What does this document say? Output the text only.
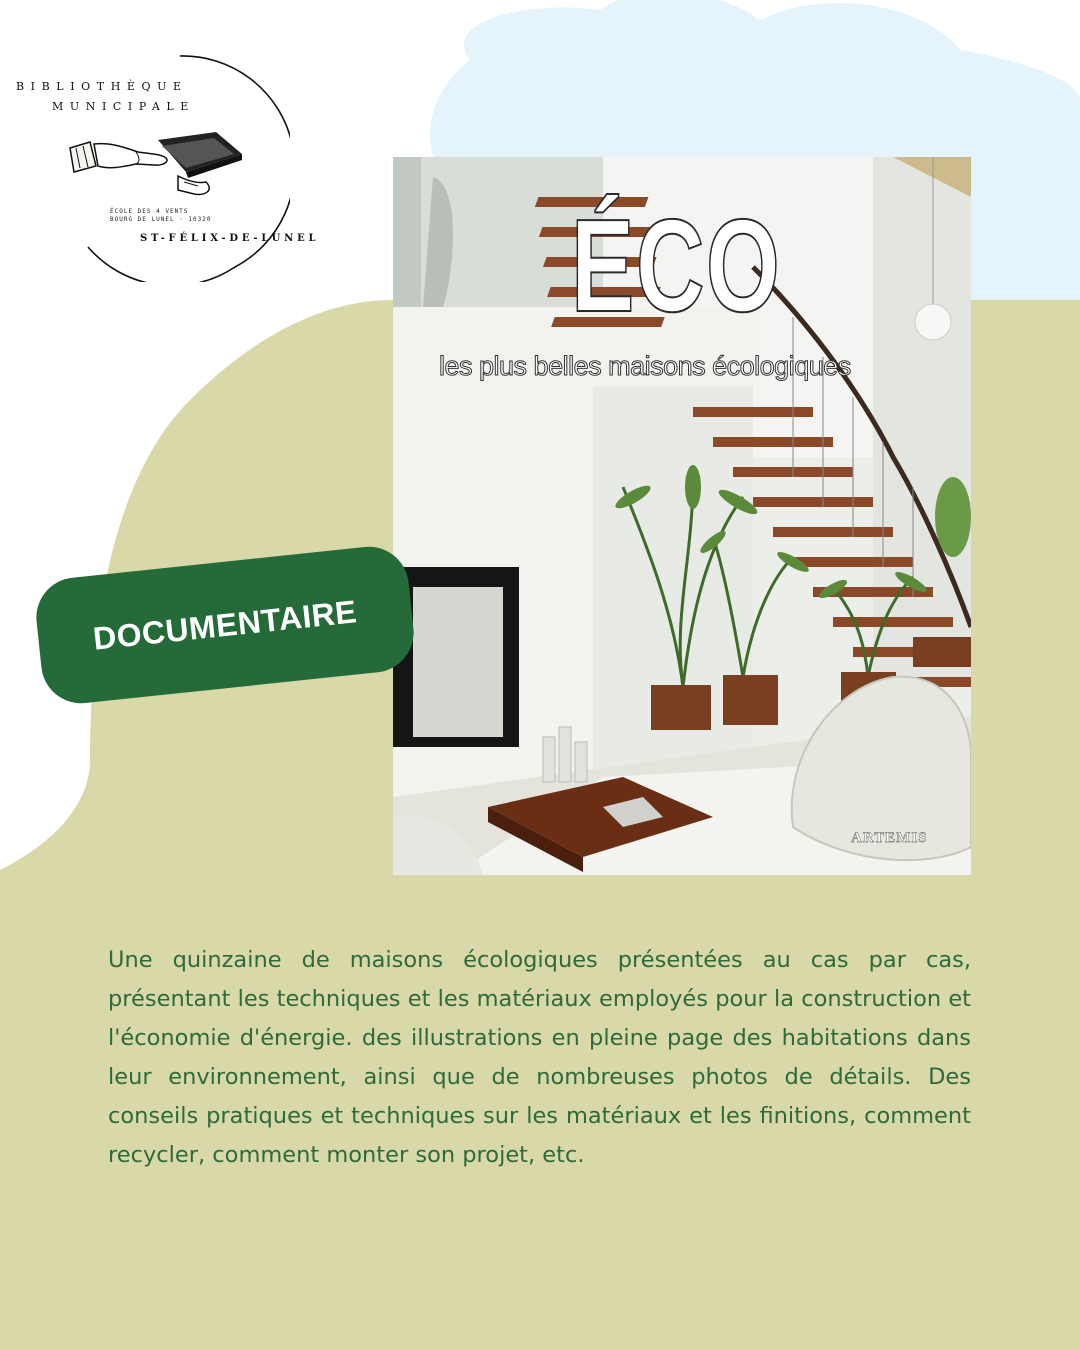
BIBLIOTHÈQUE
MUNICIPALE
ÉCOLE DES 4 VENTS
BOURG DE LUNEL · 10320
ST-FÉLIX-DE-LUNEL ÉCO
les plus belles maisons écologiques
ARTEMIS
DOCUMENTAIRE

Une quinzaine de maisons écologiques présentées au cas par cas, présentant les techniques et les matériaux employés pour la construction et l'économie d'énergie. des illustrations en pleine page des habitations dans leur environnement, ainsi que de nombreuses photos de détails. Des conseils pratiques et techniques sur les matériaux et les finitions, comment recycler, comment monter son projet, etc.
